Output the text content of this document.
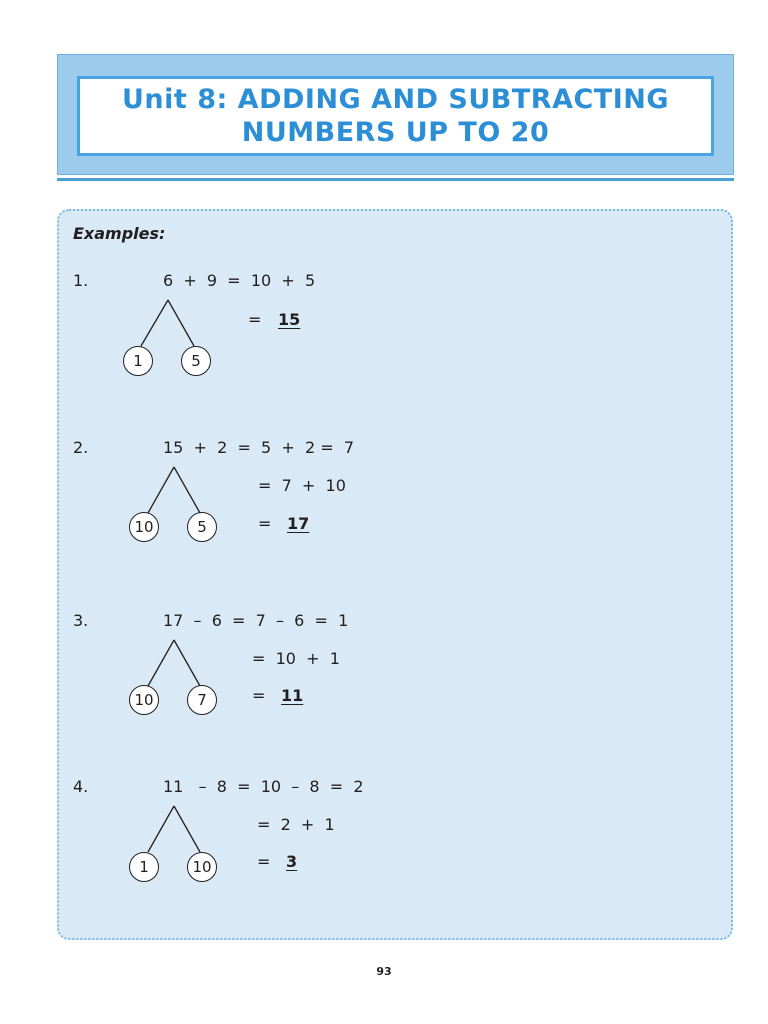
Unit 8: ADDING AND SUBTRACTING
NUMBERS UP TO 20
Examples:
1.	6  +  9  =  10  +  5
= 15
1	5
2.	15  +  2  =  5  +  2 =  7
=  7  +  10
= 17
10	5
3.	17  –  6  =  7  –  6  =  1
=  10  +  1
= 11
10	7
4.	11   –  8  =  10  –  8  =  2
=  2  +  1
= 3
1	10
93
